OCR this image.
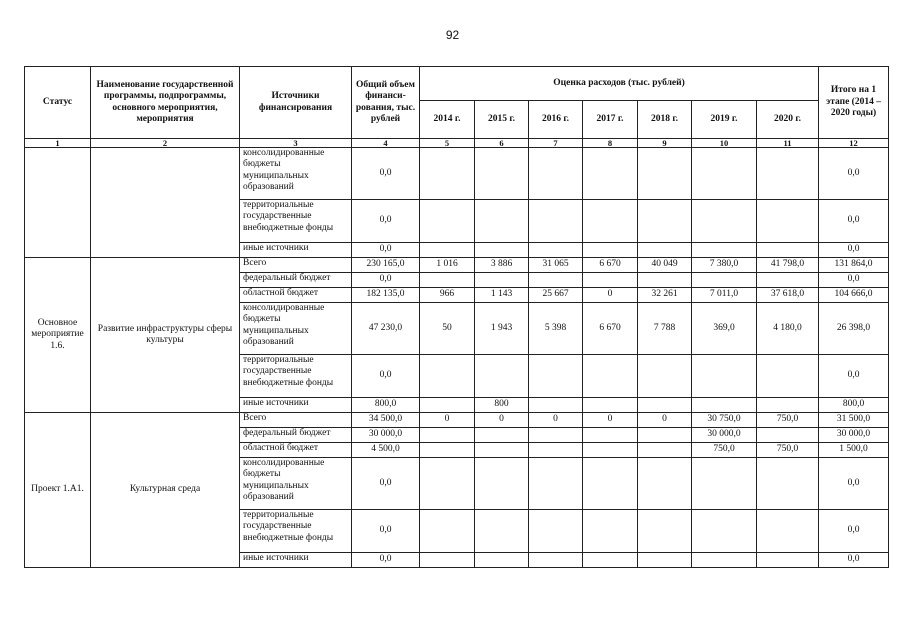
92
Статус	Наименование государственной программы, подпрограммы, основного мероприятия, мероприятия	Источники финансирования	Общий объем финанси-рования, тыс. рублей	Оценка расходов (тыс. рублей)							Итого на 1 этапе (2014 – 2020 годы)
				2014 г.	2015 г.	2016 г.	2017 г.	2018 г.	2019 г.	2020 г.	
1	2	3	4	5	6	7	8	9	10	11	12
		консолидированные бюджеты муниципальных образований	0,0								0,0
		территориальные государственные внебюджетные фонды	0,0								0,0
		иные источники	0,0								0,0
Основное мероприятие 1.6.	Развитие инфраструктуры сферы культуры	Всего	230 165,0	1 016	3 886	31 065	6 670	40 049	7 380,0	41 798,0	131 864,0
		федеральный бюджет	0,0								0,0
		областной бюджет	182 135,0	966	1 143	25 667	0	32 261	7 011,0	37 618,0	104 666,0
		консолидированные бюджеты муниципальных образований	47 230,0	50	1 943	5 398	6 670	7 788	369,0	4 180,0	26 398,0
		территориальные государственные внебюджетные фонды	0,0								0,0
		иные источники	800,0		800						800,0
Проект 1.А1.	Культурная среда	Всего	34 500,0	0	0	0	0	0	30 750,0	750,0	31 500,0
		федеральный бюджет	30 000,0						30 000,0		30 000,0
		областной бюджет	4 500,0						750,0	750,0	1 500,0
		консолидированные бюджеты муниципальных образований	0,0								0,0
		территориальные государственные внебюджетные фонды	0,0								0,0
		иные источники	0,0								0,0
